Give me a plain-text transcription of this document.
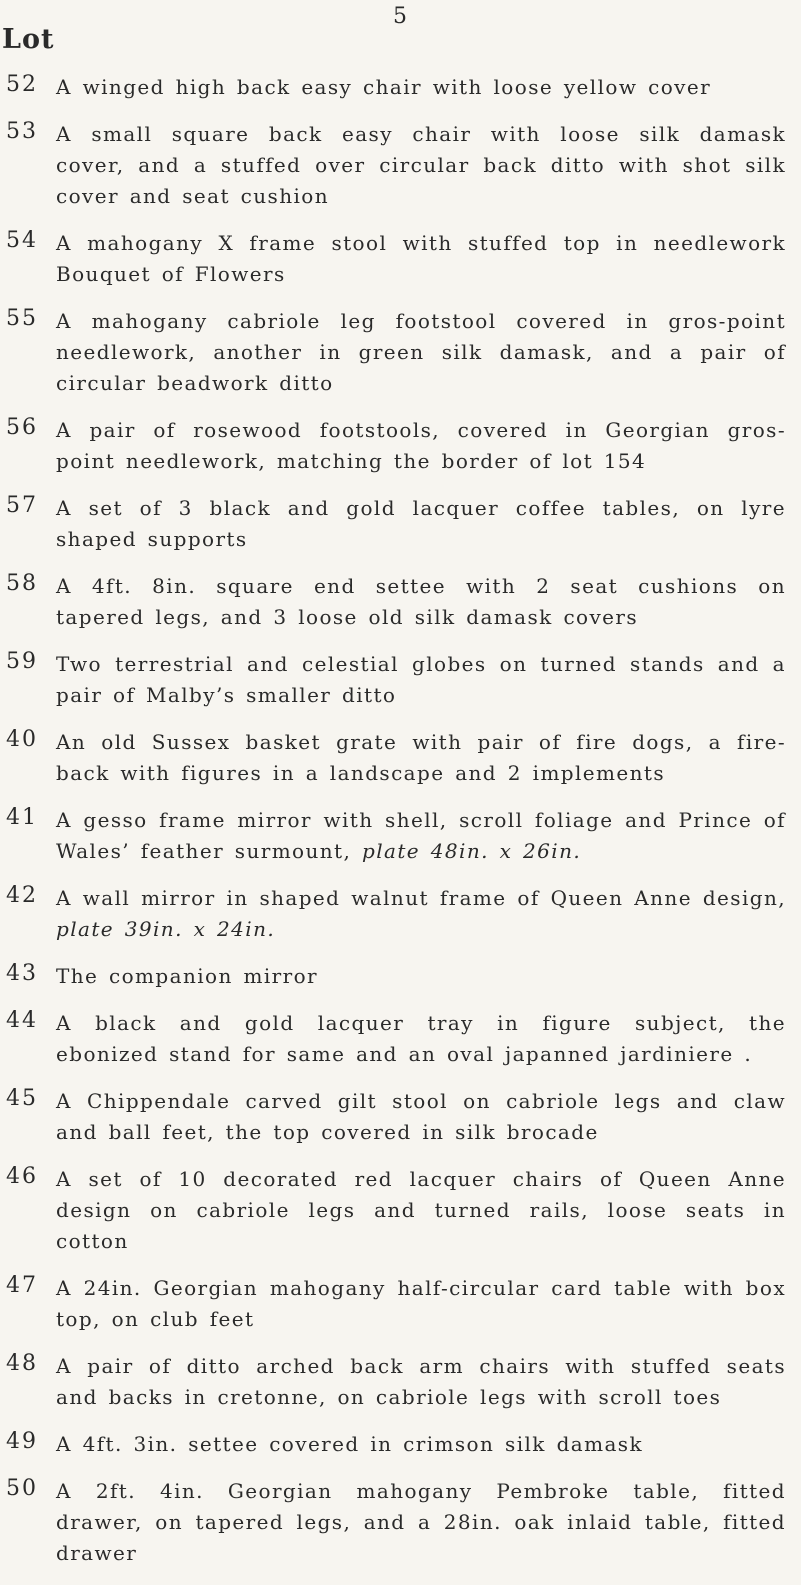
5
Lot
52 A winged high back easy chair with loose yellow cover
53 A small square back easy chair with loose silk damask cover, and a stuffed over circular back ditto with shot silk cover and seat cushion
54 A mahogany X frame stool with stuffed top in needlework Bouquet of Flowers
55 A mahogany cabriole leg footstool covered in gros-point needlework, another in green silk damask, and a pair of circular beadwork ditto
56 A pair of rosewood footstools, covered in Georgian gros-point needlework, matching the border of lot 154
57 A set of 3 black and gold lacquer coffee tables, on lyre shaped supports
58 A 4ft. 8in. square end settee with 2 seat cushions on tapered legs, and 3 loose old silk damask covers
59 Two terrestrial and celestial globes on turned stands and a pair of Malby’s smaller ditto
40 An old Sussex basket grate with pair of fire dogs, a fire-back with figures in a landscape and 2 implements
41 A gesso frame mirror with shell, scroll foliage and Prince of Wales’ feather surmount, plate 48in. x 26in.
42 A wall mirror in shaped walnut frame of Queen Anne design, plate 39in. x 24in.
43 The companion mirror
44 A black and gold lacquer tray in figure subject, the ebonized stand for same and an oval japanned jardiniere .
45 A Chippendale carved gilt stool on cabriole legs and claw and ball feet, the top covered in silk brocade
46 A set of 10 decorated red lacquer chairs of Queen Anne design on cabriole legs and turned rails, loose seats in cotton
47 A 24in. Georgian mahogany half-circular card table with box top, on club feet
48 A pair of ditto arched back arm chairs with stuffed seats and backs in cretonne, on cabriole legs with scroll toes
49 A 4ft. 3in. settee covered in crimson silk damask
50 A 2ft. 4in. Georgian mahogany Pembroke table, fitted drawer, on tapered legs, and a 28in. oak inlaid table, fitted drawer
